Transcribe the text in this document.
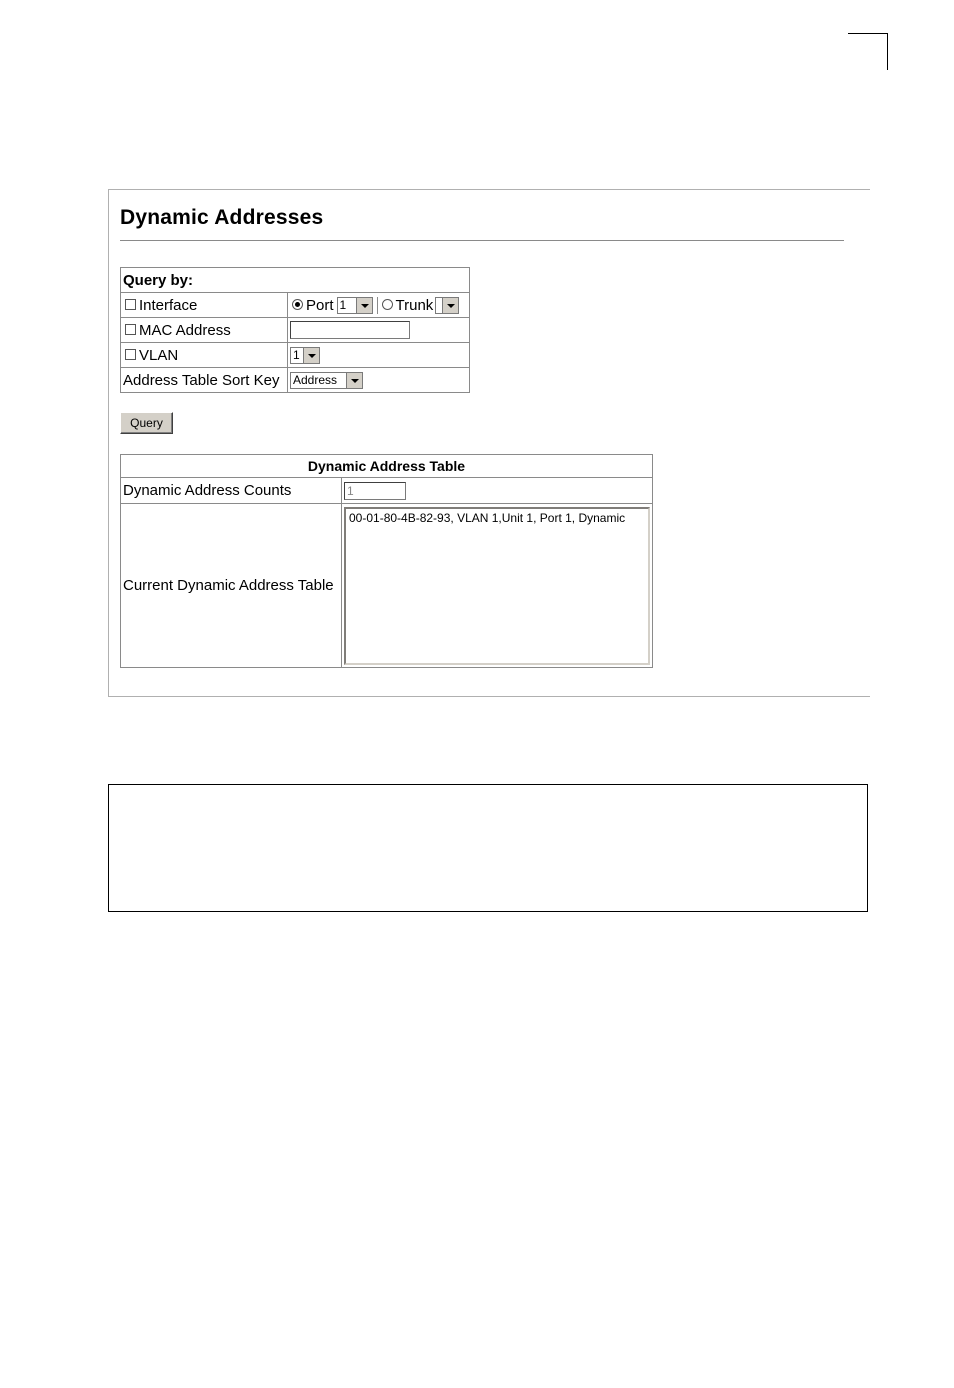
Dynamic Addresses
Query by:	
Interface	Port 1 Trunk

MAC Address	
VLAN	1

Address Table Sort Key	Address
Query
Dynamic Address Table	
Dynamic Address Counts	1
Current Dynamic Address Table	00-01-80-4B-82-93, VLAN 1,Unit 1, Port 1, Dynamic
